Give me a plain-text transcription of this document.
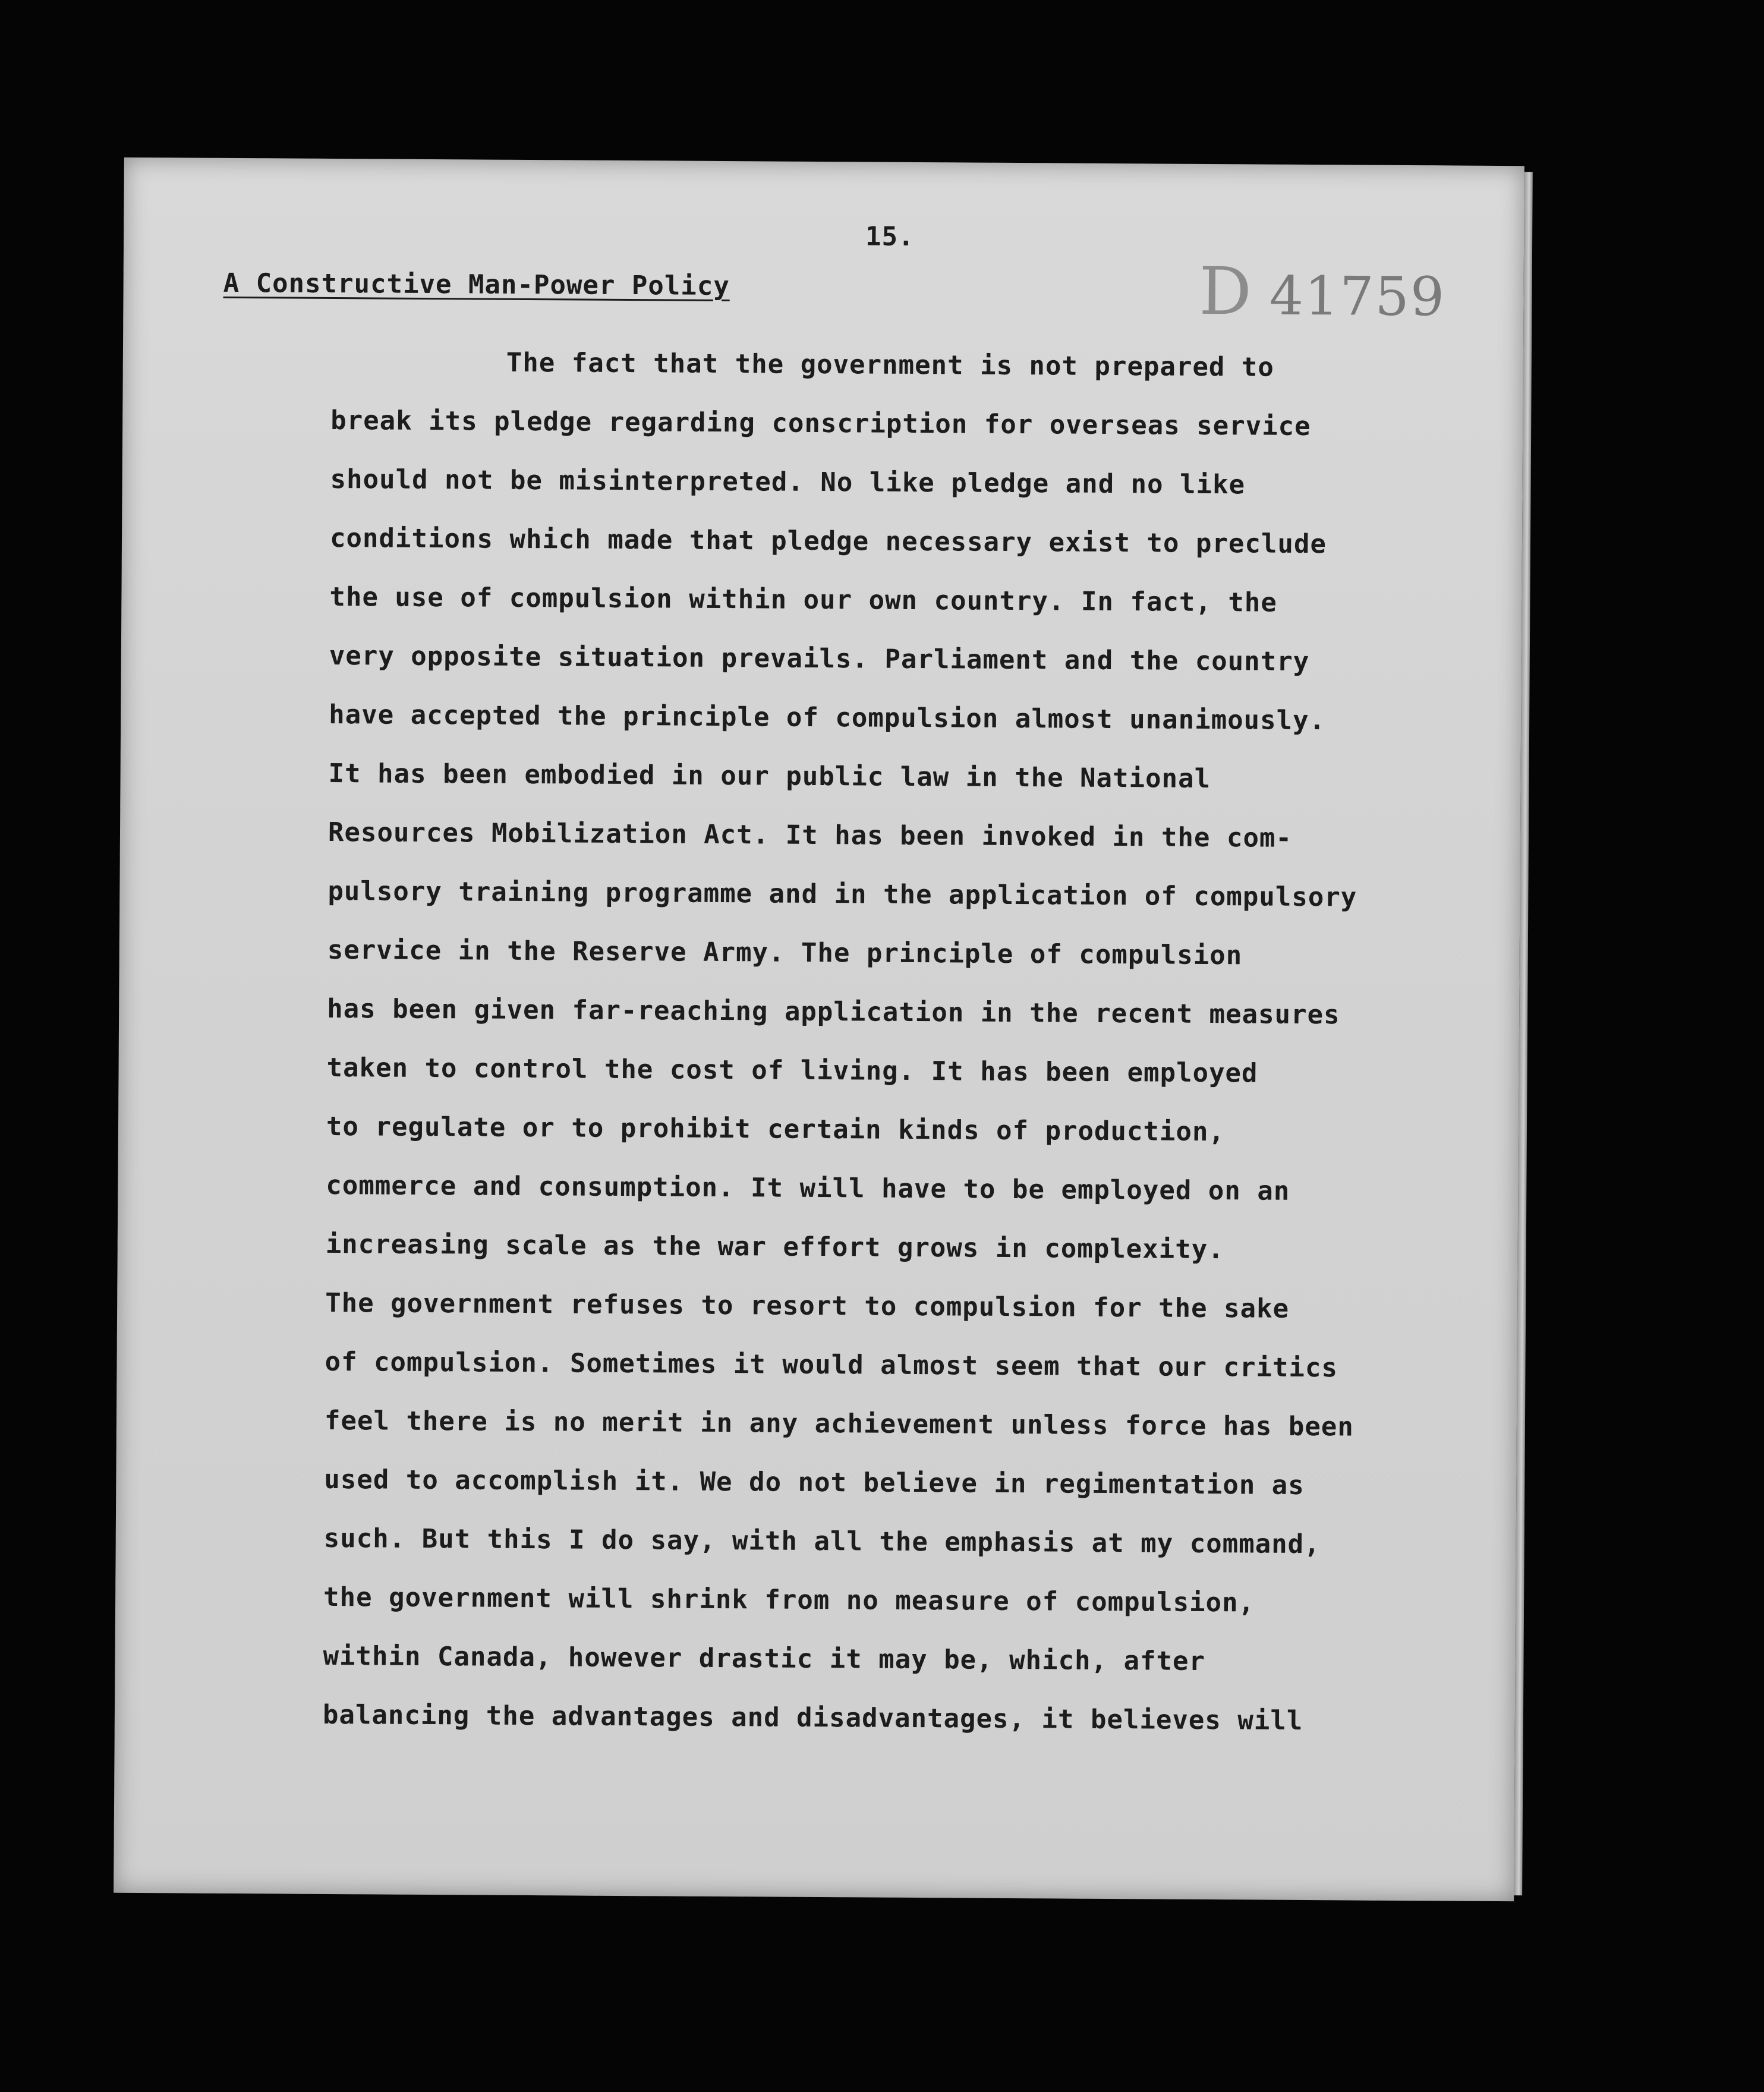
15.
A Constructive Man-Power Policy	D 41759
The fact that the government is not prepared to
break its pledge regarding conscription for overseas service
should not be misinterpreted. No like pledge and no like
conditions which made that pledge necessary exist to preclude
the use of compulsion within our own country. In fact, the
very opposite situation prevails. Parliament and the country
have accepted the principle of compulsion almost unanimously.
It has been embodied in our public law in the National
Resources Mobilization Act. It has been invoked in the com-
pulsory training programme and in the application of compulsory
service in the Reserve Army. The principle of compulsion
has been given far-reaching application in the recent measures
taken to control the cost of living. It has been employed
to regulate or to prohibit certain kinds of production,
commerce and consumption. It will have to be employed on an
increasing scale as the war effort grows in complexity.
The government refuses to resort to compulsion for the sake
of compulsion. Sometimes it would almost seem that our critics
feel there is no merit in any achievement unless force has been
used to accomplish it. We do not believe in regimentation as
such. But this I do say, with all the emphasis at my command,
the government will shrink from no measure of compulsion,
within Canada, however drastic it may be, which, after
balancing the advantages and disadvantages, it believes will
